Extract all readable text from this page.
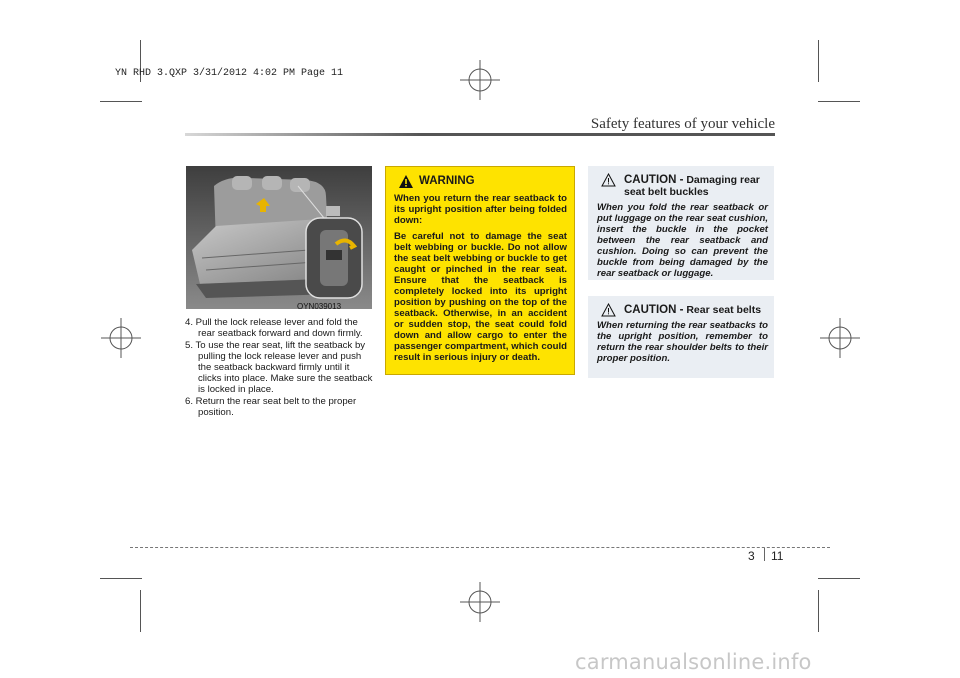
YN RHD 3.QXP 3/31/2012 4:02 PM Page 11
Safety features of your vehicle
OYN039013

4. Pull the lock release lever and fold the rear seatback forward and down firmly.

5. To use the rear seat, lift the seatback by pulling the lock release lever and push the seatback backward firmly until it clicks into place. Make sure the seatback is locked in place.

6. Return the rear seat belt to the proper position.

WARNING

When you return the rear seatback to its upright position after being folded down:

Be careful not to damage the seat belt webbing or buckle. Do not allow the seat belt webbing or buckle to get caught or pinched in the rear seat. Ensure that the seatback is completely locked into its upright position by pushing on the top of the seatback. Otherwise, in an accident or sudden stop, the seat could fold down and allow cargo to enter the passenger compartment, which could result in serious injury or death.

CAUTION - Damaging rear seat belt buckles

When you fold the rear seatback or put luggage on the rear seat cushion, insert the buckle in the pocket between the rear seatback and cushion. Doing so can prevent the buckle from being damaged by the rear seatback or luggage.

CAUTION - Rear seat belts

When returning the rear seatbacks to the upright position, remember to return the rear shoulder belts to their proper position.

3 11
carmanualsonline.info
